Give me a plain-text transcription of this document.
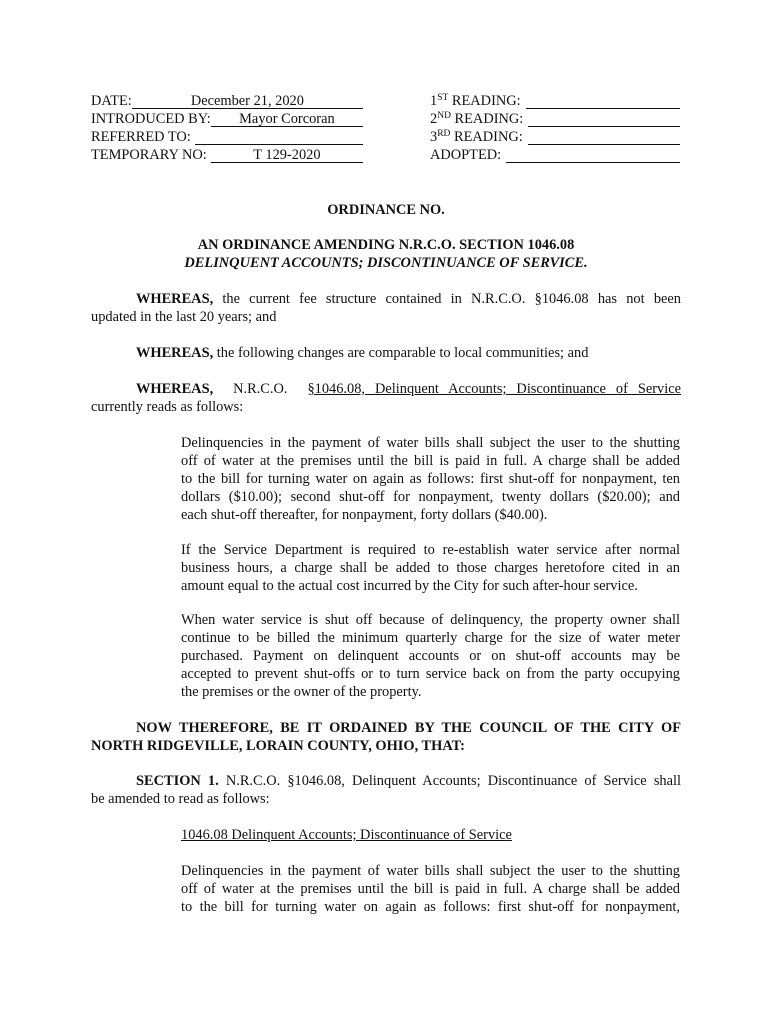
DATE:	December 21, 2020
INTRODUCED BY:	Mayor Corcoran
REFERRED TO:
TEMPORARY NO:	T 129-2020
1ST READING:
2ND READING:
3RD READING:
ADOPTED:
ORDINANCE NO.
AN ORDINANCE AMENDING N.R.C.O. SECTION 1046.08
DELINQUENT ACCOUNTS; DISCONTINUANCE OF SERVICE.
WHEREAS, the current fee structure contained in N.R.C.O. §1046.08 has not been
updated in the last 20 years; and
WHEREAS, the following changes are comparable to local communities; and
WHEREAS, N.R.C.O. §1046.08, Delinquent Accounts; Discontinuance of Service
currently reads as follows:
Delinquencies in the payment of water bills shall subject the user to the shutting
off of water at the premises until the bill is paid in full. A charge shall be added
to the bill for turning water on again as follows: first shut-off for nonpayment, ten
dollars ($10.00); second shut-off for nonpayment, twenty dollars ($20.00); and
each shut-off thereafter, for nonpayment, forty dollars ($40.00).
If the Service Department is required to re-establish water service after normal
business hours, a charge shall be added to those charges heretofore cited in an
amount equal to the actual cost incurred by the City for such after-hour service.
When water service is shut off because of delinquency, the property owner shall
continue to be billed the minimum quarterly charge for the size of water meter
purchased. Payment on delinquent accounts or on shut-off accounts may be
accepted to prevent shut-offs or to turn service back on from the party occupying
the premises or the owner of the property.
NOW THEREFORE, BE IT ORDAINED BY THE COUNCIL OF THE CITY OF
NORTH RIDGEVILLE, LORAIN COUNTY, OHIO, THAT:
SECTION 1. N.R.C.O. §1046.08, Delinquent Accounts; Discontinuance of Service shall
be amended to read as follows:
1046.08 Delinquent Accounts; Discontinuance of Service
Delinquencies in the payment of water bills shall subject the user to the shutting
off of water at the premises until the bill is paid in full. A charge shall be added
to the bill for turning water on again as follows: first shut-off for nonpayment,
